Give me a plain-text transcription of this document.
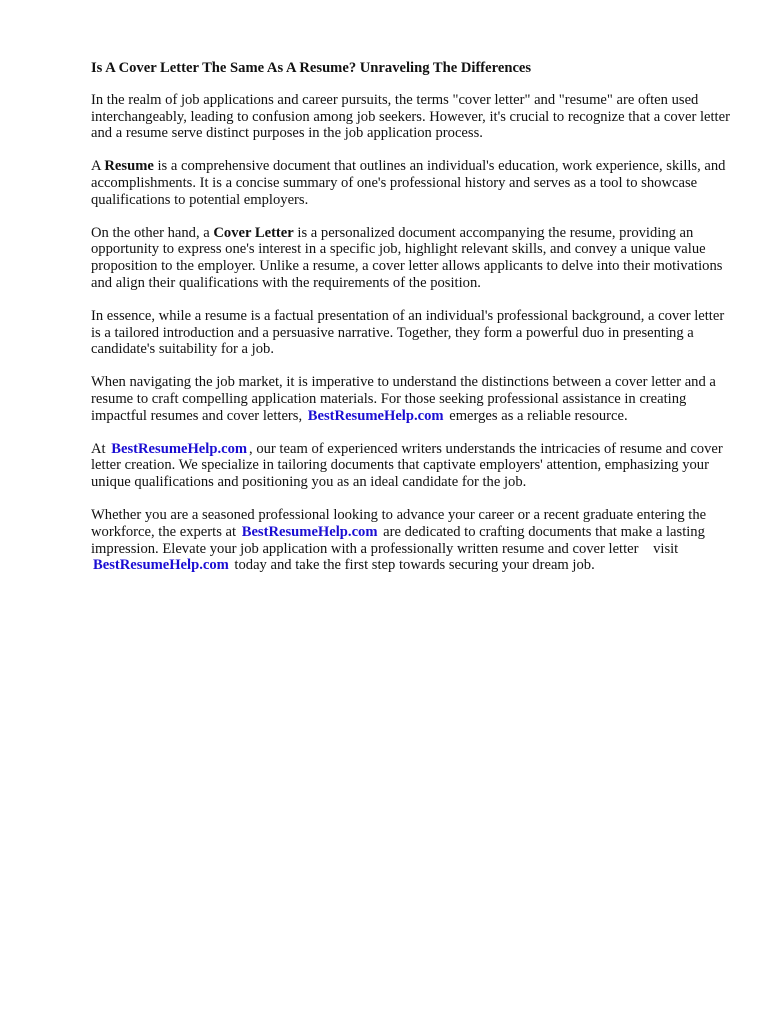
Is A Cover Letter The Same As A Resume? Unraveling The Differences

In the realm of job applications and career pursuits, the terms "cover letter" and "resume" are often used interchangeably, leading to confusion among job seekers. However, it's crucial to recognize that a cover letter and a resume serve distinct purposes in the job application process.

A Resume is a comprehensive document that outlines an individual's education, work experience, skills, and accomplishments. It is a concise summary of one's professional history and serves as a tool to showcase qualifications to potential employers.

On the other hand, a Cover Letter is a personalized document accompanying the resume, providing an opportunity to express one's interest in a specific job, highlight relevant skills, and convey a unique value proposition to the employer. Unlike a resume, a cover letter allows applicants to delve into their motivations and align their qualifications with the requirements of the position.

In essence, while a resume is a factual presentation of an individual's professional background, a cover letter is a tailored introduction and a persuasive narrative. Together, they form a powerful duo in presenting a candidate's suitability for a job.

When navigating the job market, it is imperative to understand the distinctions between a cover letter and a resume to craft compelling application materials. For those seeking professional assistance in creating impactful resumes and cover letters, BestResumeHelp.com emerges as a reliable resource.

At BestResumeHelp.com , our team of experienced writers understands the intricacies of resume and cover letter creation. We specialize in tailoring documents that captivate employers' attention, emphasizing your unique qualifications and positioning you as an ideal candidate for the job.

Whether you are a seasoned professional looking to advance your career or a recent graduate entering the workforce, the experts at BestResumeHelp.com are dedicated to crafting documents that make a lasting impression. Elevate your job application with a professionally written resume and cover letter    visit BestResumeHelp.com today and take the first step towards securing your dream job.
